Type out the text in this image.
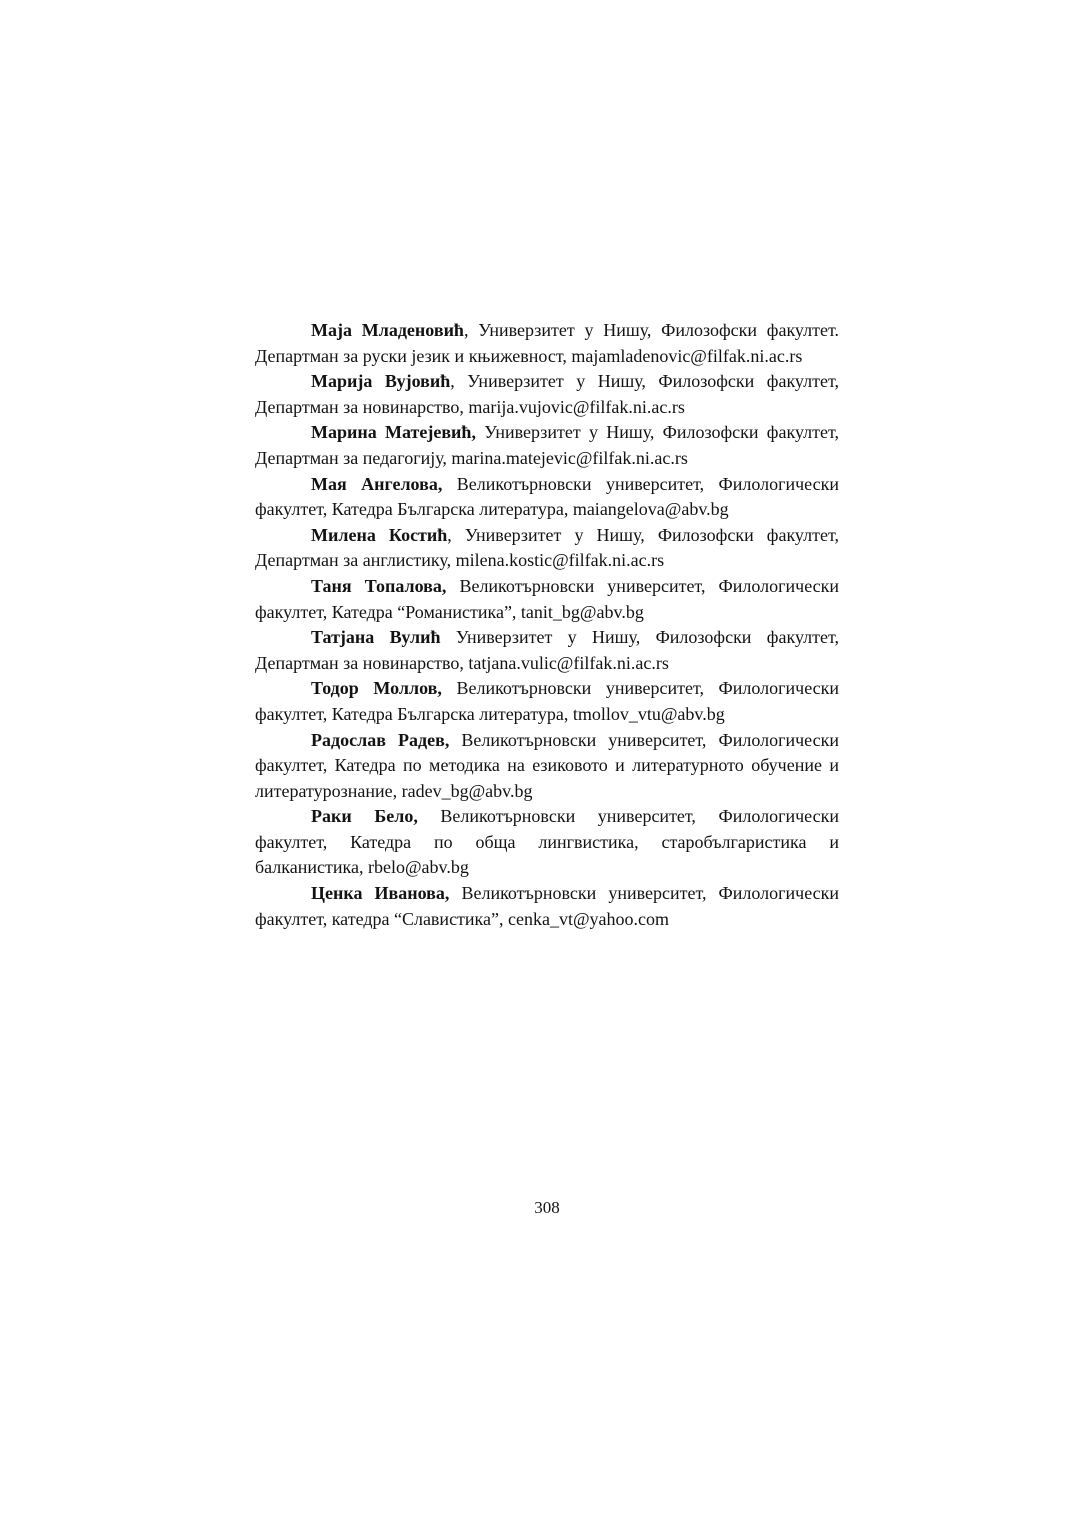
Маја Младеновић, Универзитет у Нишу, Филозофски факултет. Департман за руски језик и књижевност, majamladenovic@filfak.ni.ac.rs

Марија Вујовић, Универзитет у Нишу, Филозофски факултет, Департман за новинарство, marija.vujovic@filfak.ni.ac.rs

Марина Матејевић, Универзитет у Нишу, Филозофски факултет, Департман за педагогију, marina.matejevic@filfak.ni.ac.rs

Мая Ангелова, Великотърновски университет, Филологически факултет, Катедра Българска литература, maiangelova@abv.bg

Милена Костић, Универзитет у Нишу, Филозофски факултет, Департман за англистику, milena.kostic@filfak.ni.ac.rs

Таня Топалова, Великотърновски университет, Филологически факултет, Катедра “Романистика”, tanit_bg@abv.bg

Татјана Вулић Универзитет у Нишу, Филозофски факултет, Департман за новинарство, tatjana.vulic@filfak.ni.ac.rs

Тодор Моллов, Великотърновски университет, Филологически факултет, Катедра Българска литература, tmollov_vtu@abv.bg

Радослав Радев, Великотърновски университет, Филологически факултет, Катедра по методика на езиковото и литературното обучение и литературознание, radev_bg@abv.bg

Раки Бело, Великотърновски университет, Филологически факултет, Катедра по обща лингвистика, старобългаристика и балканистика, rbelo@abv.bg

Ценка Иванова, Великотърновски университет, Филологически факултет, катедра “Славистика”, cenka_vt@yahoo.com

308
